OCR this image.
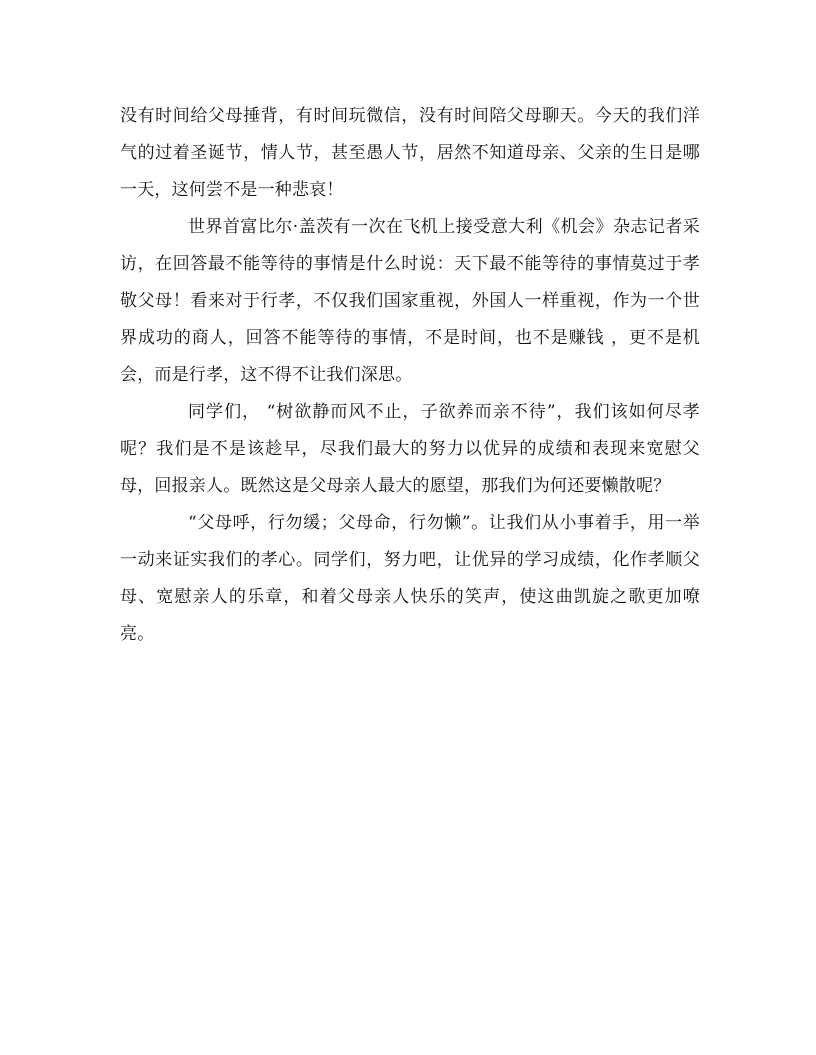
没有时间给父母捶背，有时间玩微信，没有时间陪父母聊天。今天的我们洋气的过着圣诞节，情人节，甚至愚人节，居然不知道母亲、父亲的生日是哪一天，这何尝不是一种悲哀！

世界首富比尔·盖茨有一次在飞机上接受意大利《机会》杂志记者采访，在回答最不能等待的事情是什么时说：天下最不能等待的事情莫过于孝敬父母！看来对于行孝，不仅我们国家重视，外国人一样重视，作为一个世界成功的商人，回答不能等待的事情，不是时间，也不是赚钱 ，更不是机会，而是行孝，这不得不让我们深思。

同学们， “树欲静而风不止，子欲养而亲不待”，我们该如何尽孝呢？我们是不是该趁早，尽我们最大的努力以优异的成绩和表现来宽慰父母，回报亲人。既然这是父母亲人最大的愿望，那我们为何还要懒散呢？

“父母呼，行勿缓；父母命，行勿懒”。让我们从小事着手，用一举一动来证实我们的孝心。同学们，努力吧，让优异的学习成绩，化作孝顺父母、宽慰亲人的乐章，和着父母亲人快乐的笑声，使这曲凯旋之歌更加嘹亮。
